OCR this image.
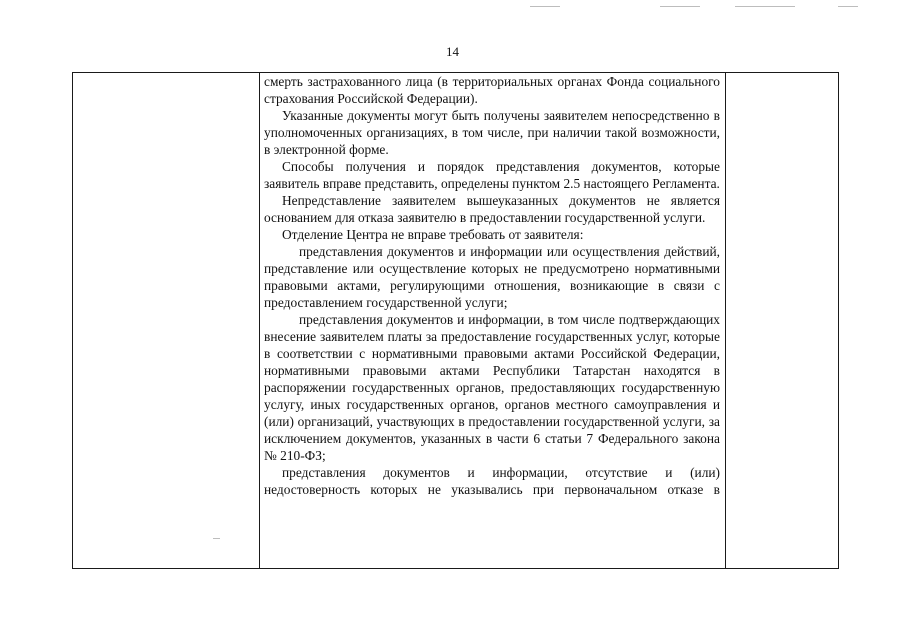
14

смерть застрахованного лица (в территориальных органах Фонда социального страхования Российской Федерации).

Указанные документы могут быть получены заявителем непосредственно в уполномоченных организациях, в том числе, при наличии такой возможности, в электронной форме.

Способы получения и порядок представления документов, которые заявитель вправе представить, определены пунктом 2.5 настоящего Регламента.

Непредставление заявителем вышеуказанных документов не является основанием для отказа заявителю в предоставлении государственной услуги.

Отделение Центра не вправе требовать от заявителя:

представления документов и информации или осуществления действий, представление или осуществление которых не предусмотрено нормативными правовыми актами, регулирующими отношения, возникающие в связи с предоставлением государственной услуги;

представления документов и информации, в том числе подтверждающих внесение заявителем платы за предоставление государственных услуг, которые в соответствии с нормативными правовыми актами Российской Федерации, нормативными правовыми актами Республики Татарстан находятся в распоряжении государственных органов, предоставляющих государственную услугу, иных государственных органов, органов местного самоуправления и (или) организаций, участвующих в предоставлении государственной услуги, за исключением документов, указанных в части 6 статьи 7 Федерального закона № 210-ФЗ;

представления документов и информации, отсутствие и (или) недостоверность которых не указывались при первоначальном отказе в
